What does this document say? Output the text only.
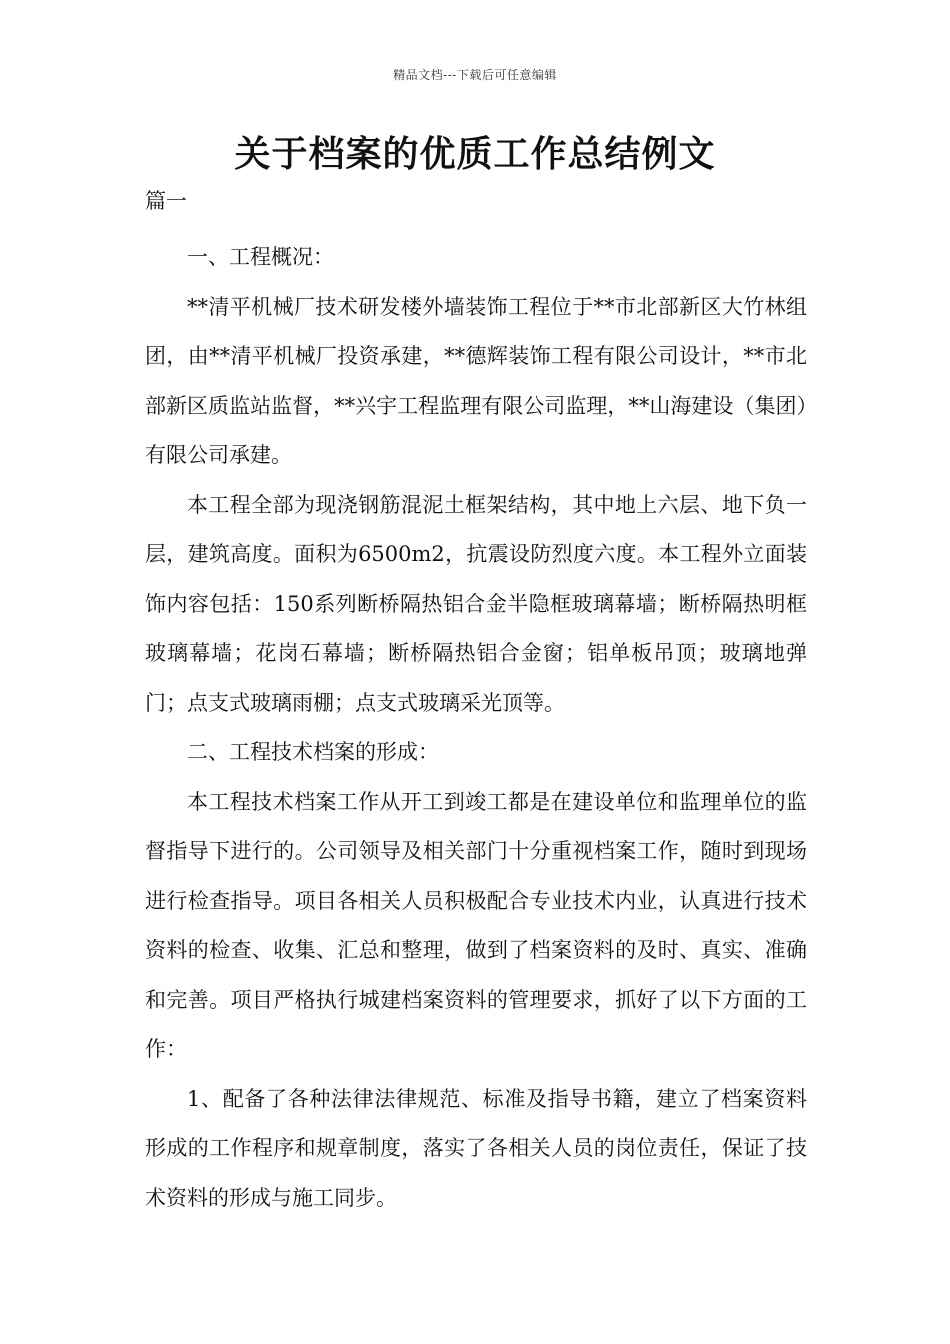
精品文档---下载后可任意编辑
关于档案的优质工作总结例文
篇一

一、工程概况：

**清平机械厂技术研发楼外墙装饰工程位于**市北部新区大竹林组团，由**清平机械厂投资承建，**德辉装饰工程有限公司设计，**市北部新区质监站监督，**兴宇工程监理有限公司监理，**山海建设（集团）有限公司承建。

本工程全部为现浇钢筋混泥土框架结构，其中地上六层、地下负一层，建筑高度。面积为6500m2，抗震设防烈度六度。本工程外立面装饰内容包括：150系列断桥隔热铝合金半隐框玻璃幕墙；断桥隔热明框玻璃幕墙；花岗石幕墙；断桥隔热铝合金窗；铝单板吊顶；玻璃地弹门；点支式玻璃雨棚；点支式玻璃采光顶等。

二、工程技术档案的形成：

本工程技术档案工作从开工到竣工都是在建设单位和监理单位的监督指导下进行的。公司领导及相关部门十分重视档案工作，随时到现场进行检查指导。项目各相关人员积极配合专业技术内业，认真进行技术资料的检查、收集、汇总和整理，做到了档案资料的及时、真实、准确和完善。项目严格执行城建档案资料的管理要求，抓好了以下方面的工作：

1、配备了各种法律法律规范、标准及指导书籍，建立了档案资料形成的工作程序和规章制度，落实了各相关人员的岗位责任，保证了技术资料的形成与施工同步。
